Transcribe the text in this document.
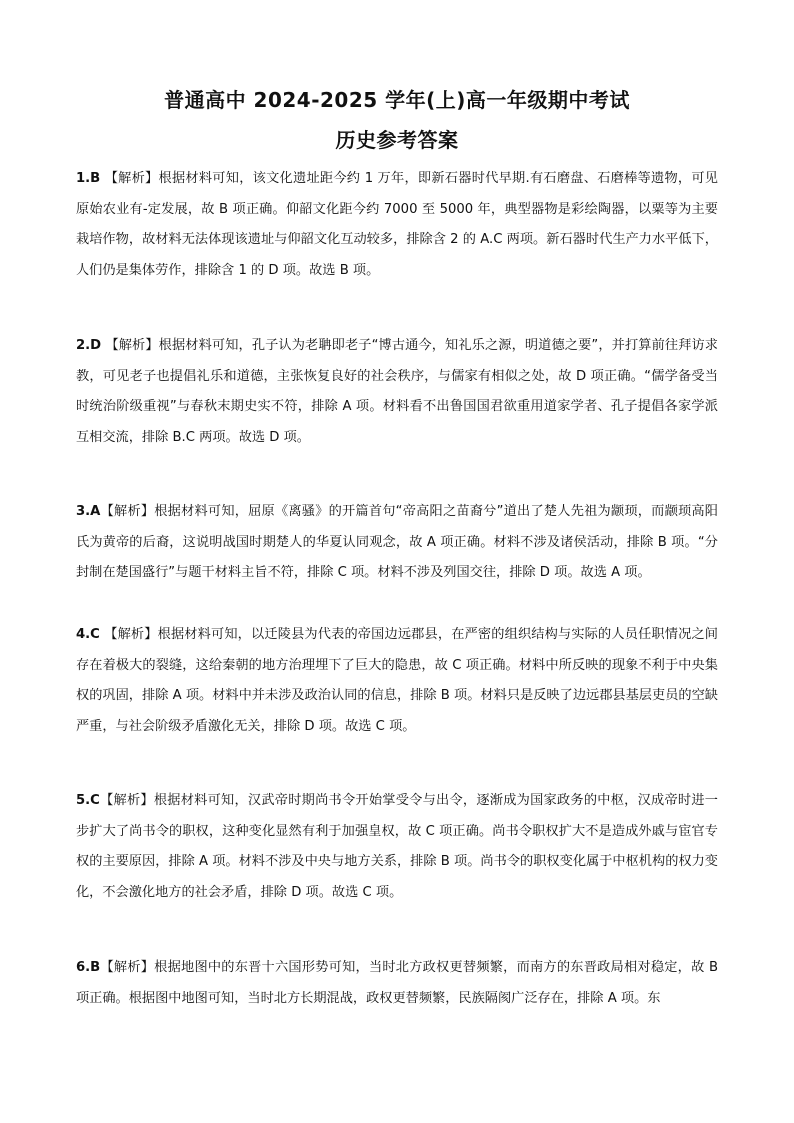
普通高中 2024-2025 学年(上)高一年级期中考试
历史参考答案
1.B 【解析】根据材料可知，该文化遗址距今约 1 万年，即新石器时代早期.有石磨盘、石磨棒等遗物，可见原始农业有-定发展，故 B 项正确。仰韶文化距今约 7000 至 5000 年，典型器物是彩绘陶器，以粟等为主要栽培作物，故材料无法体现该遗址与仰韶文化互动较多，排除含 2 的 A.C 两项。新石器时代生产力水平低下，人们仍是集体劳作，排除含 1 的 D 项。故选 B 项。
2.D 【解析】根据材料可知，孔子认为老聃即老子“博古通今，知礼乐之源，明道德之要”，并打算前往拜访求教，可见老子也提倡礼乐和道德，主张恢复良好的社会秩序，与儒家有相似之处，故 D 项正确。“儒学备受当时统治阶级重视”与春秋末期史实不符，排除 A 项。材料看不出鲁国国君欲重用道家学者、孔子提倡各家学派互相交流，排除 B.C 两项。故选 D 项。
3.A【解析】根据材料可知，屈原《离骚》的开篇首句“帝高阳之苗裔兮”道出了楚人先祖为颛顼，而颛顼高阳氏为黄帝的后裔，这说明战国时期楚人的华夏认同观念，故 A 项正确。材料不涉及诸侯活动，排除 B 项。“分封制在楚国盛行”与题干材料主旨不符，排除 C 项。材料不涉及列国交往，排除 D 项。故选 A 项。
4.C 【解析】根据材料可知，以迁陵县为代表的帝国边远郡县，在严密的组织结构与实际的人员任职情况之间存在着极大的裂缝，这给秦朝的地方治理埋下了巨大的隐患，故 C 项正确。材料中所反映的现象不利于中央集权的巩固，排除 A 项。材料中并未涉及政治认同的信息，排除 B 项。材料只是反映了边远郡县基层吏员的空缺严重，与社会阶级矛盾激化无关，排除 D 项。故选 C 项。
5.C【解析】根据材料可知，汉武帝时期尚书令开始掌受令与出令，逐渐成为国家政务的中枢，汉成帝时进一步扩大了尚书令的职权，这种变化显然有利于加强皇权，故 C 项正确。尚书令职权扩大不是造成外戚与宦官专权的主要原因，排除 A 项。材料不涉及中央与地方关系，排除 B 项。尚书令的职权变化属于中枢机构的权力变化，不会激化地方的社会矛盾，排除 D 项。故选 C 项。
6.B【解析】根据地图中的东晋十六国形势可知，当时北方政权更替频繁，而南方的东晋政局相对稳定，故 B 项正确。根据图中地图可知，当时北方长期混战，政权更替频繁，民族隔阂广泛存在，排除 A 项。东
